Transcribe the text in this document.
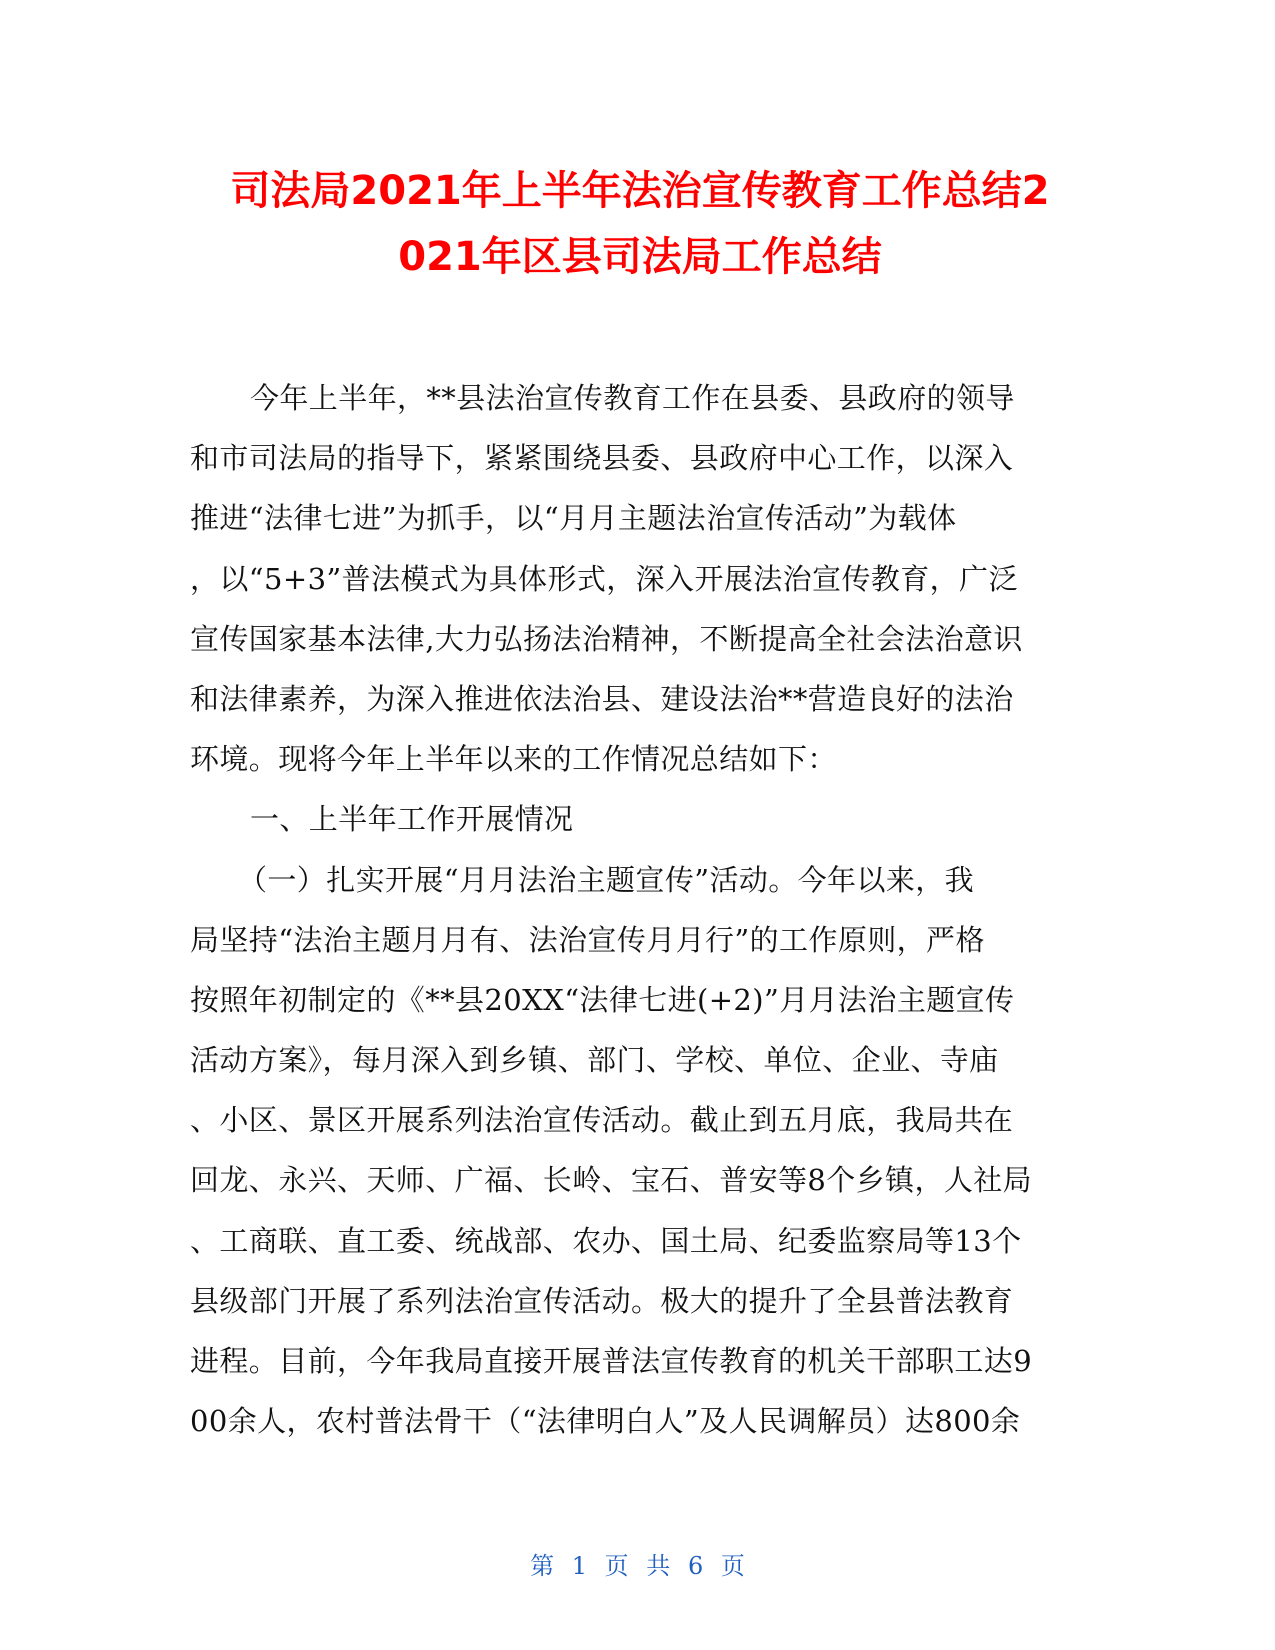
司法局2021年上半年法治宣传教育工作总结2
021年区县司法局工作总结
今年上半年，**县法治宣传教育工作在县委、县政府的领导
和市司法局的指导下，紧紧围绕县委、县政府中心工作，以深入
推进“法律七进”为抓手，以“月月主题法治宣传活动”为载体
，以“5+3”普法模式为具体形式，深入开展法治宣传教育，广泛
宣传国家基本法律,大力弘扬法治精神，不断提高全社会法治意识
和法律素养，为深入推进依法治县、建设法治**营造良好的法治
环境。现将今年上半年以来的工作情况总结如下：
一、上半年工作开展情况
（一）扎实开展“月月法治主题宣传”活动。今年以来，我
局坚持“法治主题月月有、法治宣传月月行”的工作原则，严格
按照年初制定的《**县20XX“法律七进(+2)”月月法治主题宣传
活动方案》，每月深入到乡镇、部门、学校、单位、企业、寺庙
、小区、景区开展系列法治宣传活动。截止到五月底，我局共在
回龙、永兴、天师、广福、长岭、宝石、普安等8个乡镇，人社局
、工商联、直工委、统战部、农办、国土局、纪委监察局等13个
县级部门开展了系列法治宣传活动。极大的提升了全县普法教育
进程。目前，今年我局直接开展普法宣传教育的机关干部职工达9
00余人，农村普法骨干（“法律明白人”及人民调解员）达800余
第 1 页 共 6 页
